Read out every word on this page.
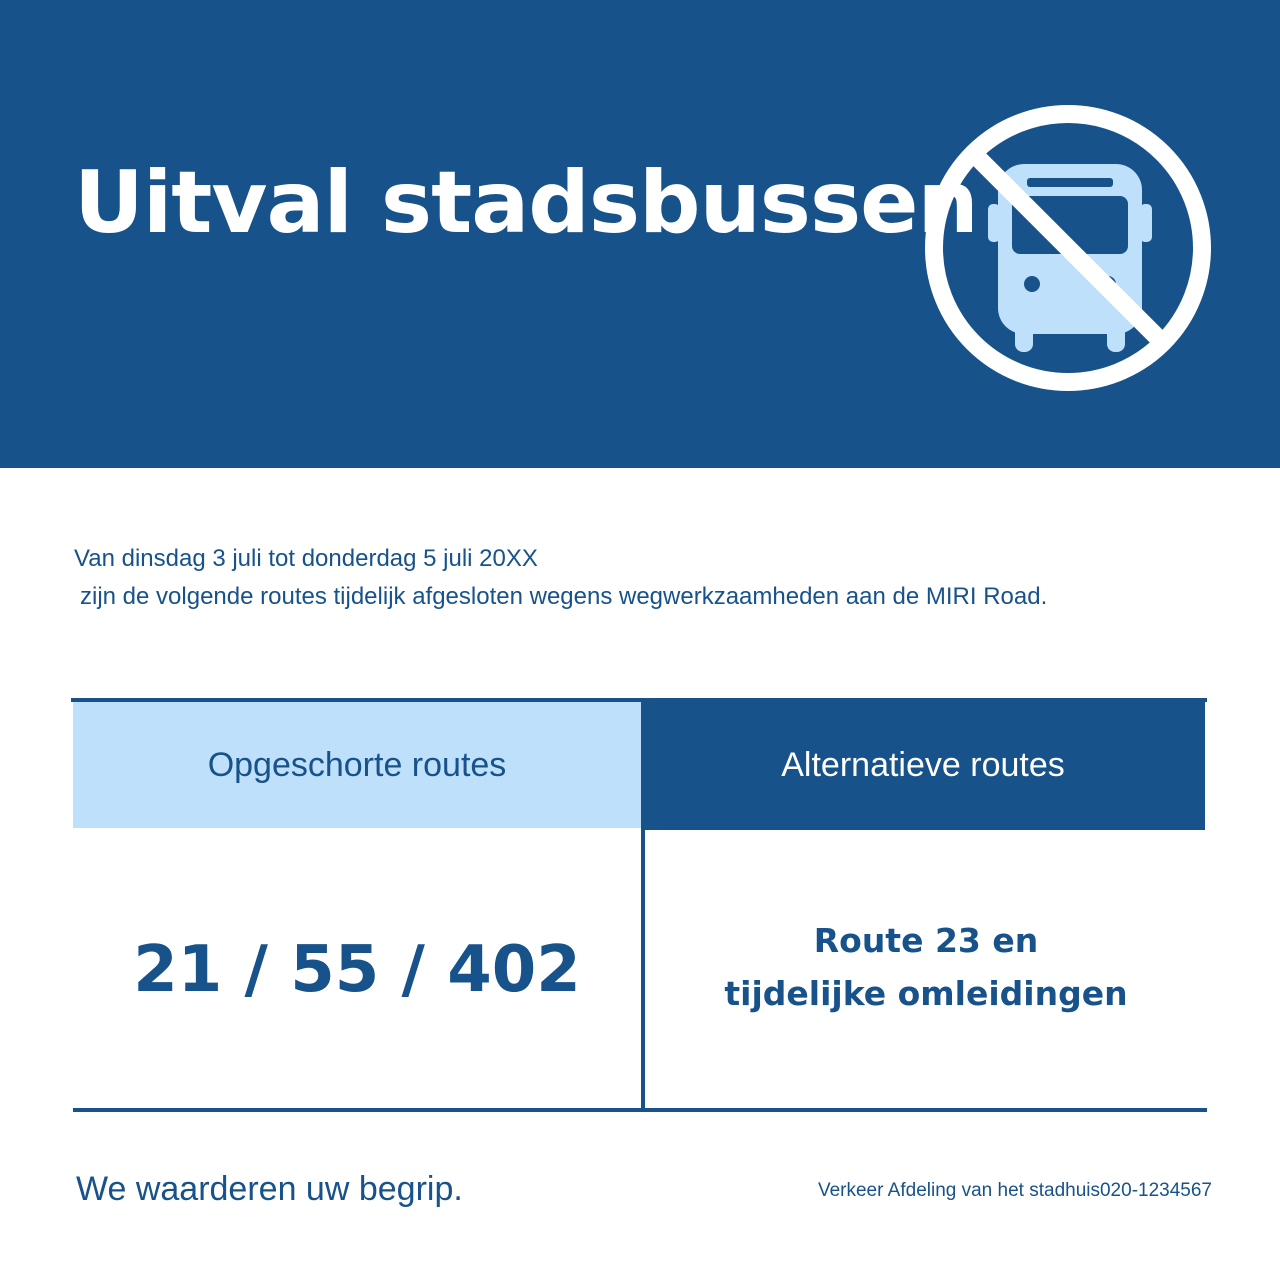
Uitval stadsbussen
Van dinsdag 3 juli tot donderdag 5 juli 20XX
zijn de volgende routes tijdelijk afgesloten wegens wegwerkzaamheden aan de MIRI Road.
Opgeschorte routes	Alternatieve routes
21 / 55 / 402	Route 23 en
tijdelijke omleidingen
We waarderen uw begrip.	Verkeer Afdeling van het stadhuis020-1234567
